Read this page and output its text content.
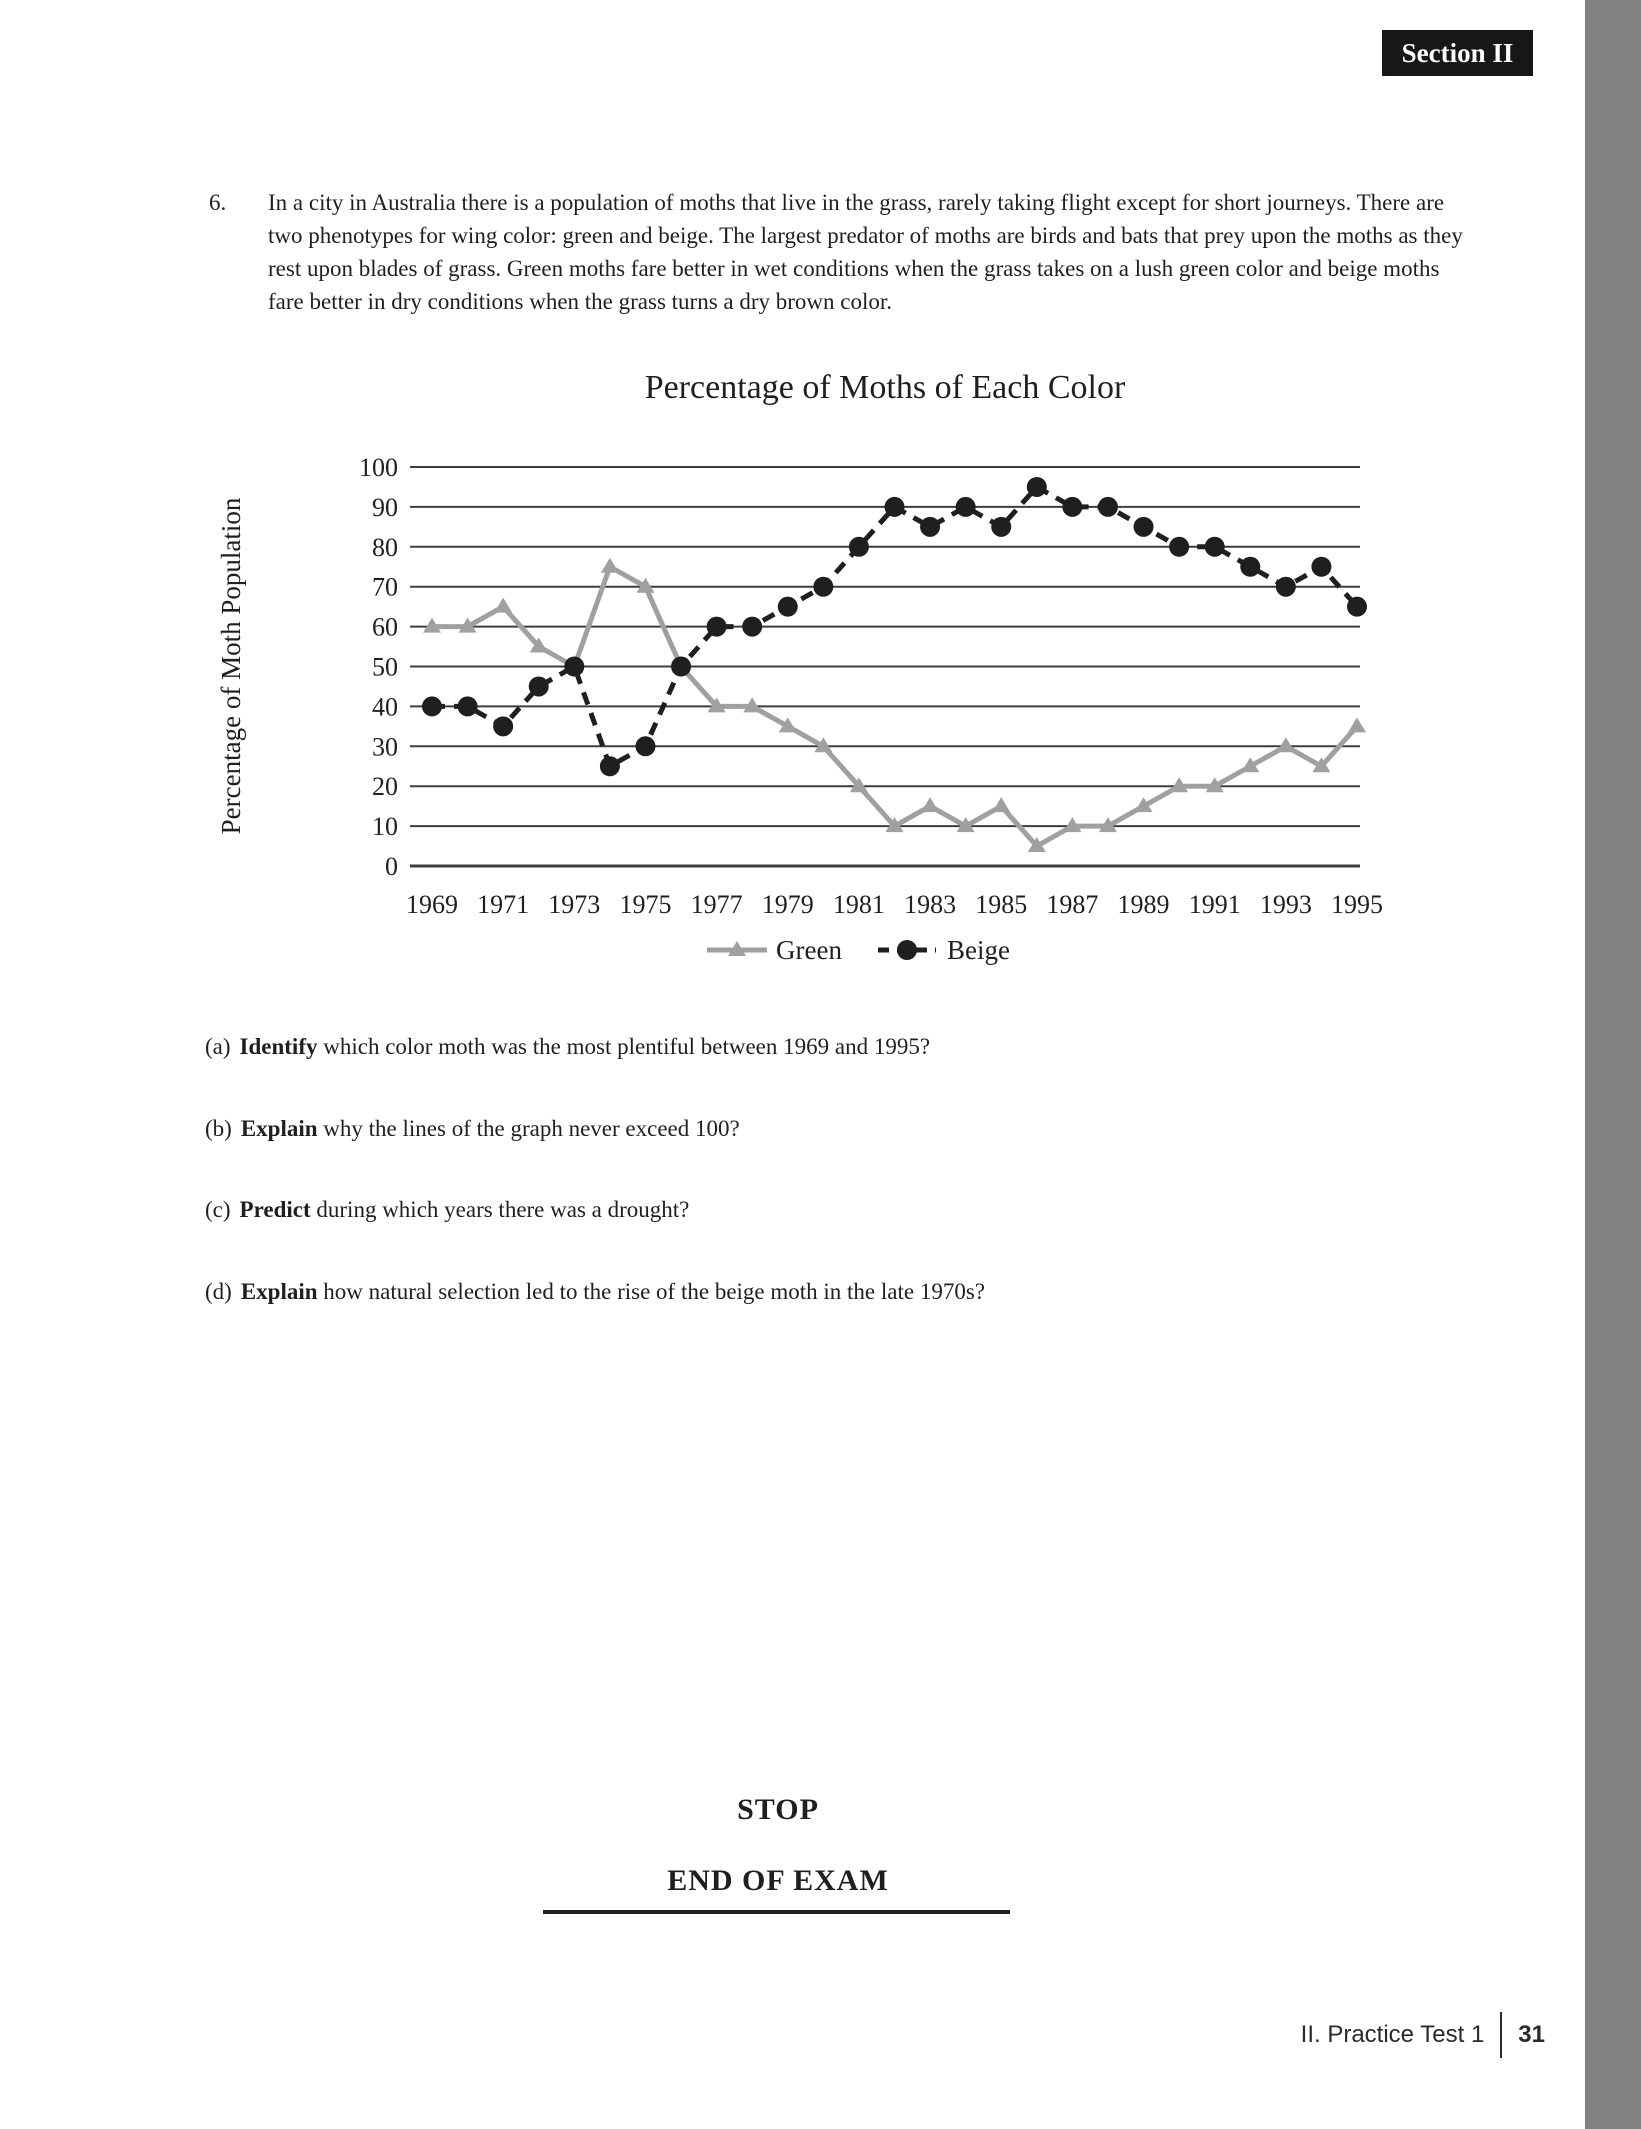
Section II
6.	In a city in Australia there is a population of moths that live in the grass, rarely taking flight except for short journeys. There are two phenotypes for wing color: green and beige. The largest predator of moths are birds and bats that prey upon the moths as they rest upon blades of grass. Green moths fare better in wet conditions when the grass takes on a lush green color and beige moths fare better in dry conditions when the grass turns a dry brown color.
Percentage of Moths of Each Color
Percentage of Moth Population
0
10
20
30
40
50
60
70
80
90
100
1969 1971 1973 1975 1977 1979 1981 1983 1985 1987 1989 1991 1993 1995
Green	Beige
(a) Identify which color moth was the most plentiful between 1969 and 1995?
(b) Explain why the lines of the graph never exceed 100?
(c) Predict during which years there was a drought?
(d) Explain how natural selection led to the rise of the beige moth in the late 1970s?
STOP
END OF EXAM
II. Practice Test 1 31
